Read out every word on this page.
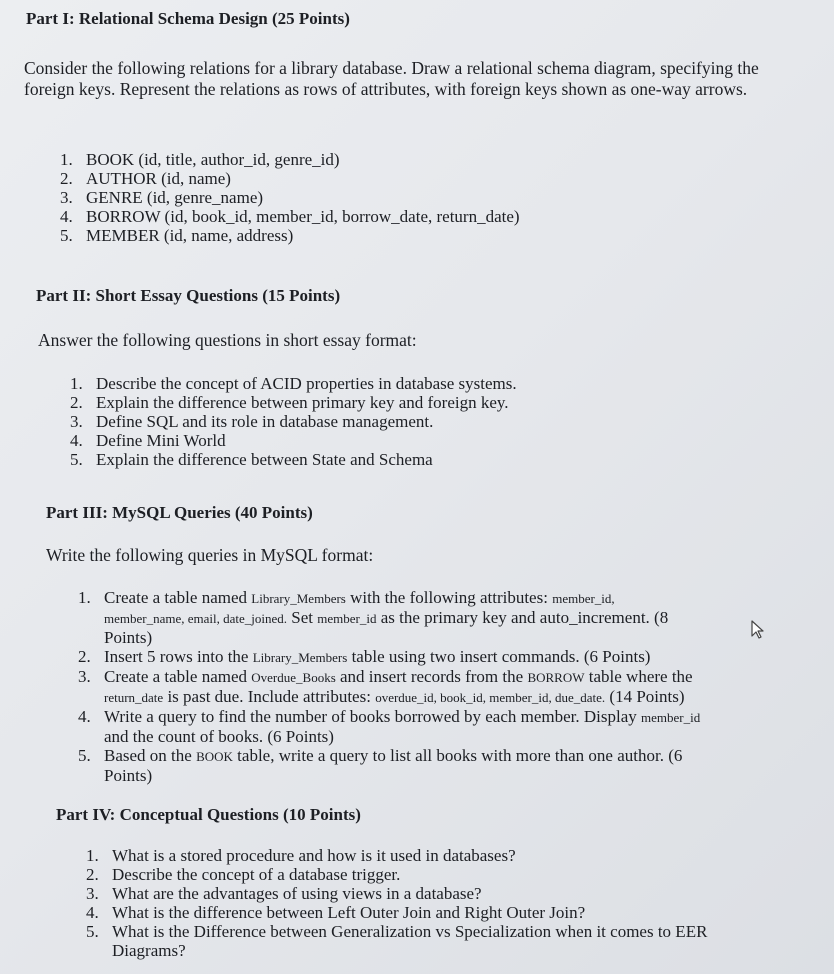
Part I: Relational Schema Design (25 Points)

Consider the following relations for a library database. Draw a relational schema diagram, specifying the foreign keys. Represent the relations as rows of attributes, with foreign keys shown as one-way arrows.

1. BOOK (id, title, author_id, genre_id)
2. AUTHOR (id, name)
3. GENRE (id, genre_name)
4. BORROW (id, book_id, member_id, borrow_date, return_date)
5. MEMBER (id, name, address)
Part II: Short Essay Questions (15 Points)

Answer the following questions in short essay format:

1. Describe the concept of ACID properties in database systems.
2. Explain the difference between primary key and foreign key.
3. Define SQL and its role in database management.
4. Define Mini World
5. Explain the difference between State and Schema
Part III: MySQL Queries (40 Points)

Write the following queries in MySQL format:

1. Create a table named Library_Members with the following attributes: member_id,
member_name, email, date_joined. Set member_id as the primary key and auto_increment. (8
Points)
2. Insert 5 rows into the Library_Members table using two insert commands. (6 Points)
3. Create a table named Overdue_Books and insert records from the BORROW table where the
return_date is past due. Include attributes: overdue_id, book_id, member_id, due_date. (14 Points)
4. Write a query to find the number of books borrowed by each member. Display member_id
and the count of books. (6 Points)
5. Based on the BOOK table, write a query to list all books with more than one author. (6
Points)
Part IV: Conceptual Questions (10 Points)
1. What is a stored procedure and how is it used in databases?
2. Describe the concept of a database trigger.
3. What are the advantages of using views in a database?
4. What is the difference between Left Outer Join and Right Outer Join?
5. What is the Difference between Generalization vs Specialization when it comes to EER
Diagrams?
